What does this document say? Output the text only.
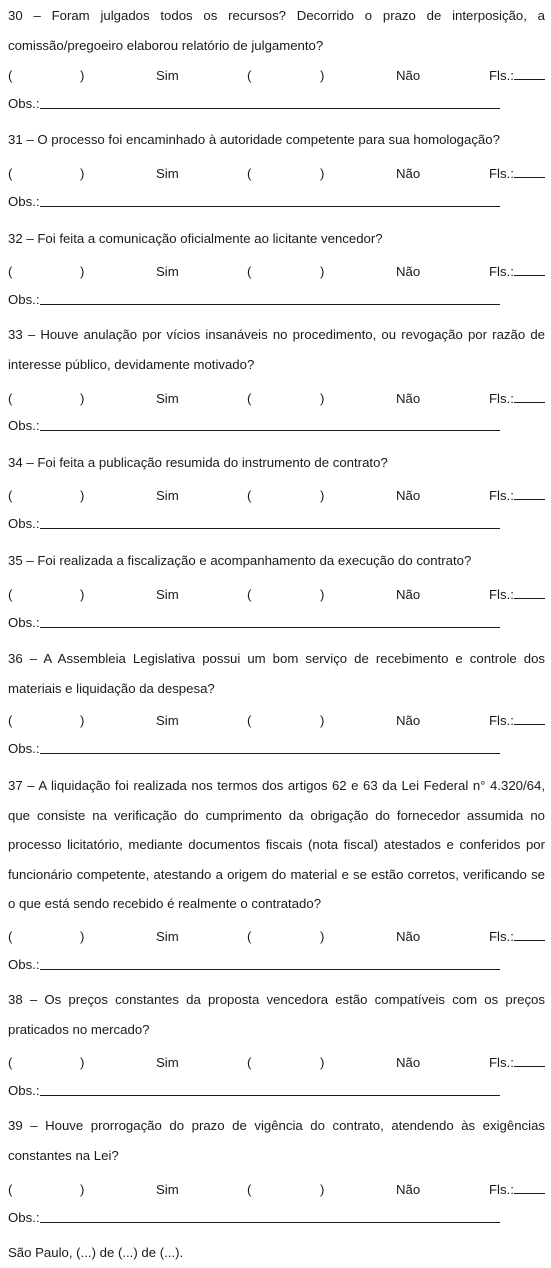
30 – Foram julgados todos os recursos? Decorrido o prazo de interposição, a comissão/pregoeiro elaborou relatório de julgamento?

(	)	Sim	(	)	Não	Fls.:
Obs.:

31 – O processo foi encaminhado à autoridade competente para sua homologação?

(	)	Sim	(	)	Não	Fls.:
Obs.:

32 – Foi feita a comunicação oficialmente ao licitante vencedor?

(	)	Sim	(	)	Não	Fls.:
Obs.:

33 – Houve anulação por vícios insanáveis no procedimento, ou revogação por razão de interesse público, devidamente motivado?

(	)	Sim	(	)	Não	Fls.:
Obs.:

34 – Foi feita a publicação resumida do instrumento de contrato?

(	)	Sim	(	)	Não	Fls.:
Obs.:

35 – Foi realizada a fiscalização e acompanhamento da execução do contrato?

(	)	Sim	(	)	Não	Fls.:
Obs.:

36 – A Assembleia Legislativa possui um bom serviço de recebimento e controle dos materiais e liquidação da despesa?

(	)	Sim	(	)	Não	Fls.:
Obs.:

37 – A liquidação foi realizada nos termos dos artigos 62 e 63 da Lei Federal n° 4.320/64, que consiste na verificação do cumprimento da obrigação do fornecedor assumida no processo licitatório, mediante documentos fiscais (nota fiscal) atestados e conferidos por funcionário competente, atestando a origem do material e se estão corretos, verificando se o que está sendo recebido é realmente o contratado?

(	)	Sim	(	)	Não	Fls.:
Obs.:

38 – Os preços constantes da proposta vencedora estão compatíveis com os preços praticados no mercado?

(	)	Sim	(	)	Não	Fls.:
Obs.:

39 – Houve prorrogação do prazo de vigência do contrato, atendendo às exigências constantes na Lei?

(	)	Sim	(	)	Não	Fls.:
Obs.:
São Paulo, (...) de (...) de (...).
